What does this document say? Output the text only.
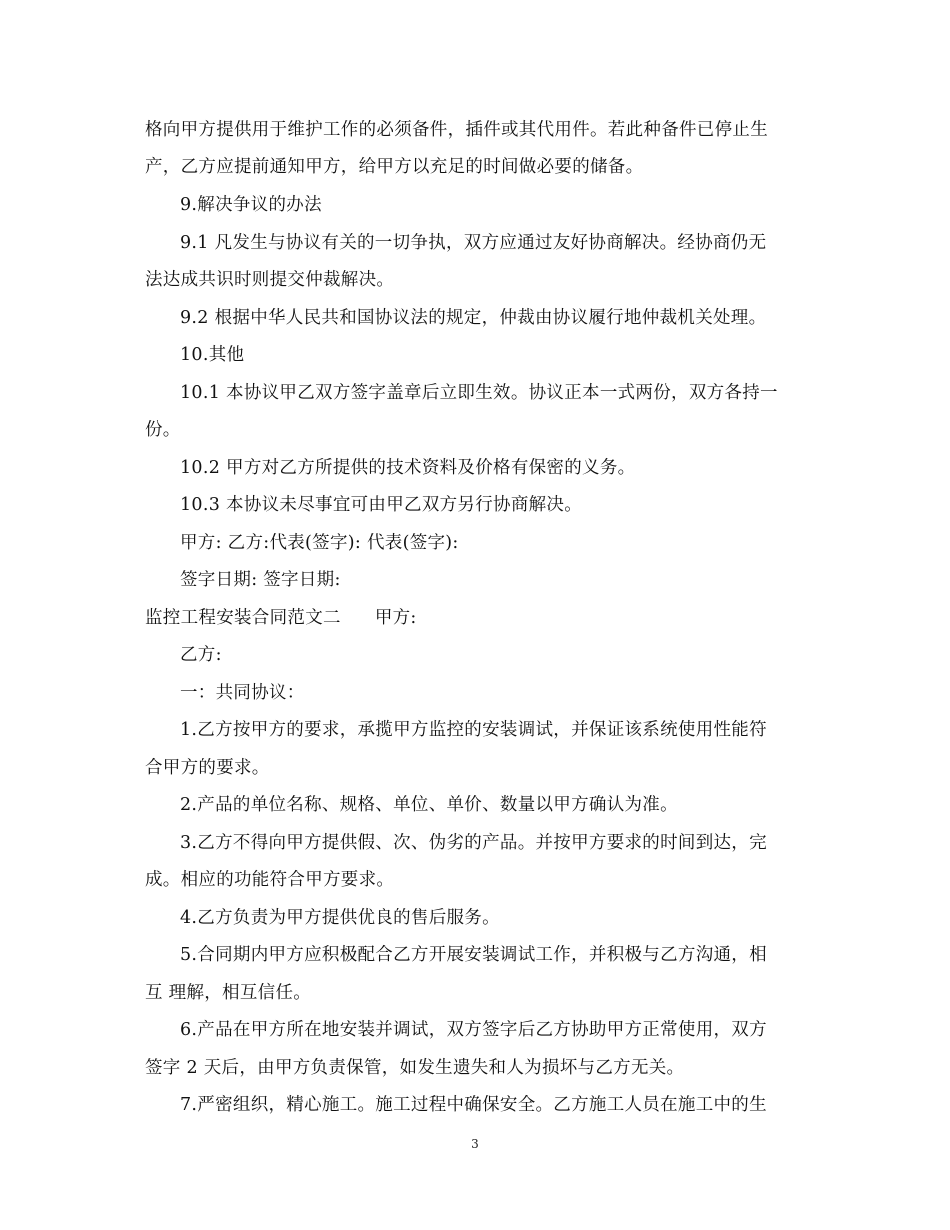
格向甲方提供用于维护工作的必须备件，插件或其代用件。若此种备件已停止生
产，乙方应提前通知甲方，给甲方以充足的时间做必要的储备。
9.解决争议的办法
9.1 凡发生与协议有关的一切争执，双方应通过友好协商解决。经协商仍无
法达成共识时则提交仲裁解决。
9.2 根据中华人民共和国协议法的规定，仲裁由协议履行地仲裁机关处理。
10.其他
10.1 本协议甲乙双方签字盖章后立即生效。协议正本一式两份，双方各持一
份。
10.2 甲方对乙方所提供的技术资料及价格有保密的义务。
10.3 本协议未尽事宜可由甲乙双方另行协商解决。
甲方: 乙方:代表(签字): 代表(签字):
签字日期: 签字日期:
监控工程安装合同范文二 甲方:
乙方:
一：共同协议：
1.乙方按甲方的要求，承揽甲方监控的安装调试，并保证该系统使用性能符
合甲方的要求。
2.产品的单位名称、规格、单位、单价、数量以甲方确认为准。
3.乙方不得向甲方提供假、次、伪劣的产品。并按甲方要求的时间到达，完
成。相应的功能符合甲方要求。
4.乙方负责为甲方提供优良的售后服务。
5.合同期内甲方应积极配合乙方开展安装调试工作，并积极与乙方沟通，相
互 理解，相互信任。
6.产品在甲方所在地安装并调试，双方签字后乙方协助甲方正常使用，双方
签字 2 天后，由甲方负责保管，如发生遗失和人为损坏与乙方无关。
7.严密组织，精心施工。施工过程中确保安全。乙方施工人员在施工中的生
3
